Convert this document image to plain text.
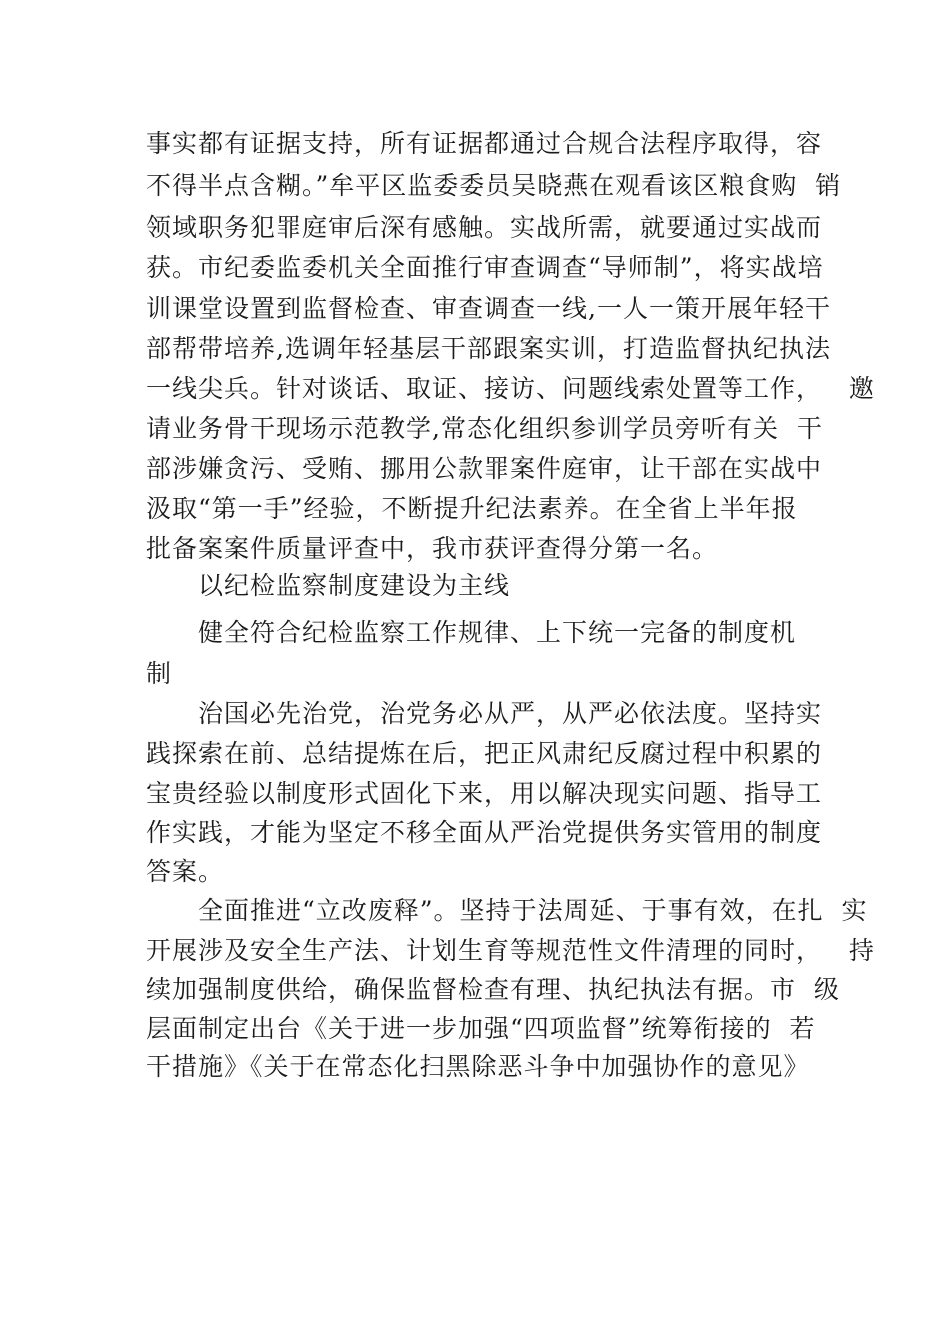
事实都有证据支持，所有证据都通过合规合法程序取得，容
不得半点含糊。”牟平区监委委员吴晓燕在观看该区粮食购  销
领域职务犯罪庭审后深有感触。实战所需，就要通过实战而
获。市纪委监委机关全面推行审查调查“导师制”，将实战培
训课堂设置到监督检查、审查调查一线,一人一策开展年轻干
部帮带培养,选调年轻基层干部跟案实训，打造监督执纪执法
一线尖兵。针对谈话、取证、接访、问题线索处置等工作，   邀
请业务骨干现场示范教学,常态化组织参训学员旁听有关  干
部涉嫌贪污、受贿、挪用公款罪案件庭审，让干部在实战中
汲取“第一手”经验，不断提升纪法素养。在全省上半年报
批备案案件质量评查中，我市获评查得分第一名。
以纪检监察制度建设为主线
健全符合纪检监察工作规律、上下统一完备的制度机
制
治国必先治党，治党务必从严，从严必依法度。坚持实
践探索在前、总结提炼在后，把正风肃纪反腐过程中积累的
宝贵经验以制度形式固化下来，用以解决现实问题、指导工
作实践，才能为坚定不移全面从严治党提供务实管用的制度
答案。
全面推进“立改废释”。坚持于法周延、于事有效，在扎  实
开展涉及安全生产法、计划生育等规范性文件清理的同时，   持
续加强制度供给，确保监督检查有理、执纪执法有据。市  级
层面制定出台《关于进一步加强“四项监督”统筹衔接的  若
干措施》《关于在常态化扫黑除恶斗争中加强协作的意见》
